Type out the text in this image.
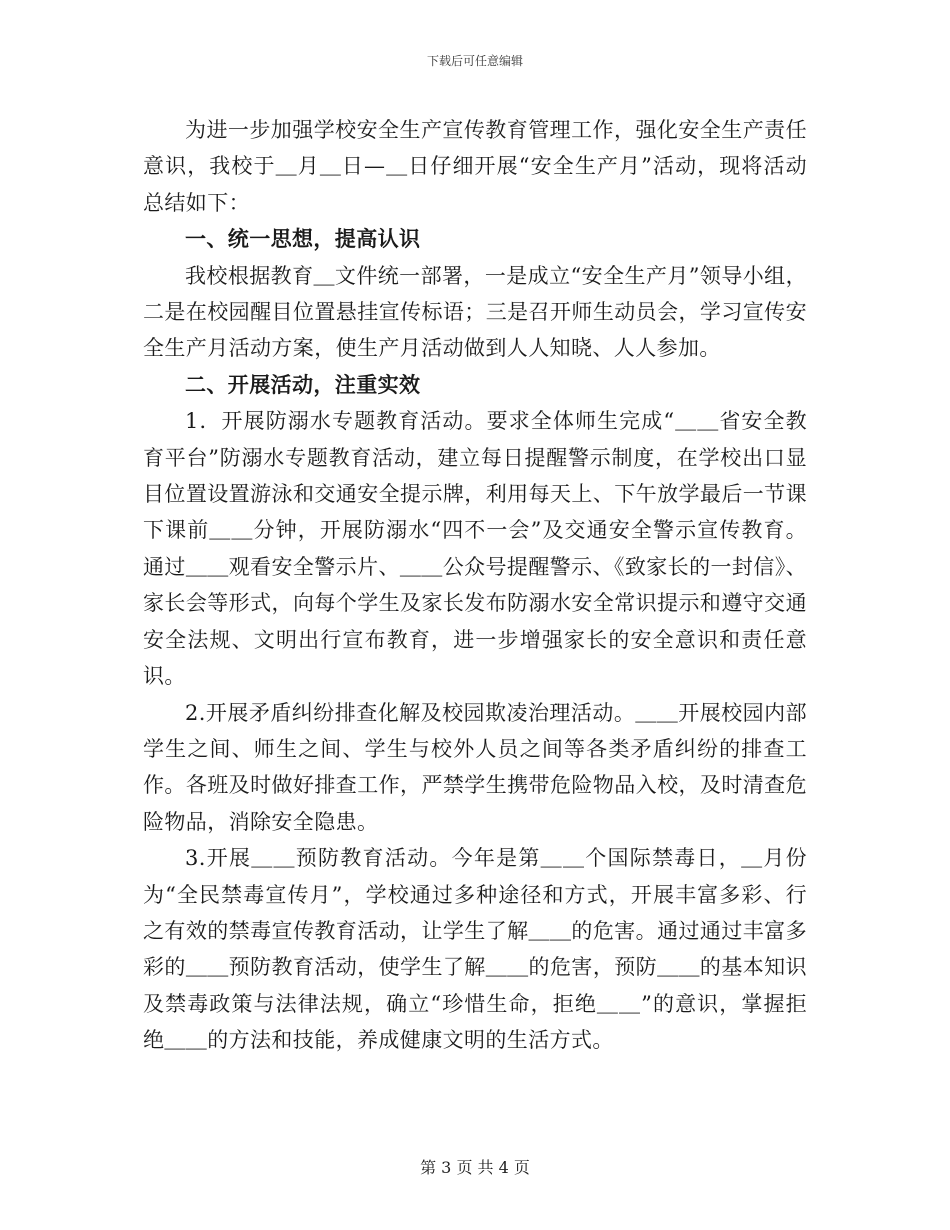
下载后可任意编辑

为进一步加强学校安全生产宣传教育管理工作，强化安全生产责任意识，我校于＿月＿日—＿日仔细开展“安全生产月”活动，现将活动总结如下：

一、统一思想，提高认识

我校根据教育＿文件统一部署，一是成立“安全生产月”领导小组，二是在校园醒目位置悬挂宣传标语；三是召开师生动员会，学习宣传安全生产月活动方案，使生产月活动做到人人知晓、人人参加。

二、开展活动，注重实效

1．开展防溺水专题教育活动。要求全体师生完成“＿＿省安全教育平台”防溺水专题教育活动，建立每日提醒警示制度，在学校出口显目位置设置游泳和交通安全提示牌，利用每天上、下午放学最后一节课下课前＿＿分钟，开展防溺水“四不一会”及交通安全警示宣传教育。通过＿＿观看安全警示片、＿＿公众号提醒警示、《致家长的一封信》、家长会等形式，向每个学生及家长发布防溺水安全常识提示和遵守交通安全法规、文明出行宣布教育，进一步增强家长的安全意识和责任意识。

2.开展矛盾纠纷排查化解及校园欺凌治理活动。＿＿开展校园内部学生之间、师生之间、学生与校外人员之间等各类矛盾纠纷的排查工作。各班及时做好排查工作，严禁学生携带危险物品入校，及时清查危险物品，消除安全隐患。

3.开展＿＿预防教育活动。今年是第＿＿个国际禁毒日，＿月份为“全民禁毒宣传月”，学校通过多种途径和方式，开展丰富多彩、行之有效的禁毒宣传教育活动，让学生了解＿＿的危害。通过通过丰富多彩的＿＿预防教育活动，使学生了解＿＿的危害，预防＿＿的基本知识及禁毒政策与法律法规，确立“珍惜生命，拒绝＿＿”的意识，掌握拒绝＿＿的方法和技能，养成健康文明的生活方式。

第 3 页 共 4 页
